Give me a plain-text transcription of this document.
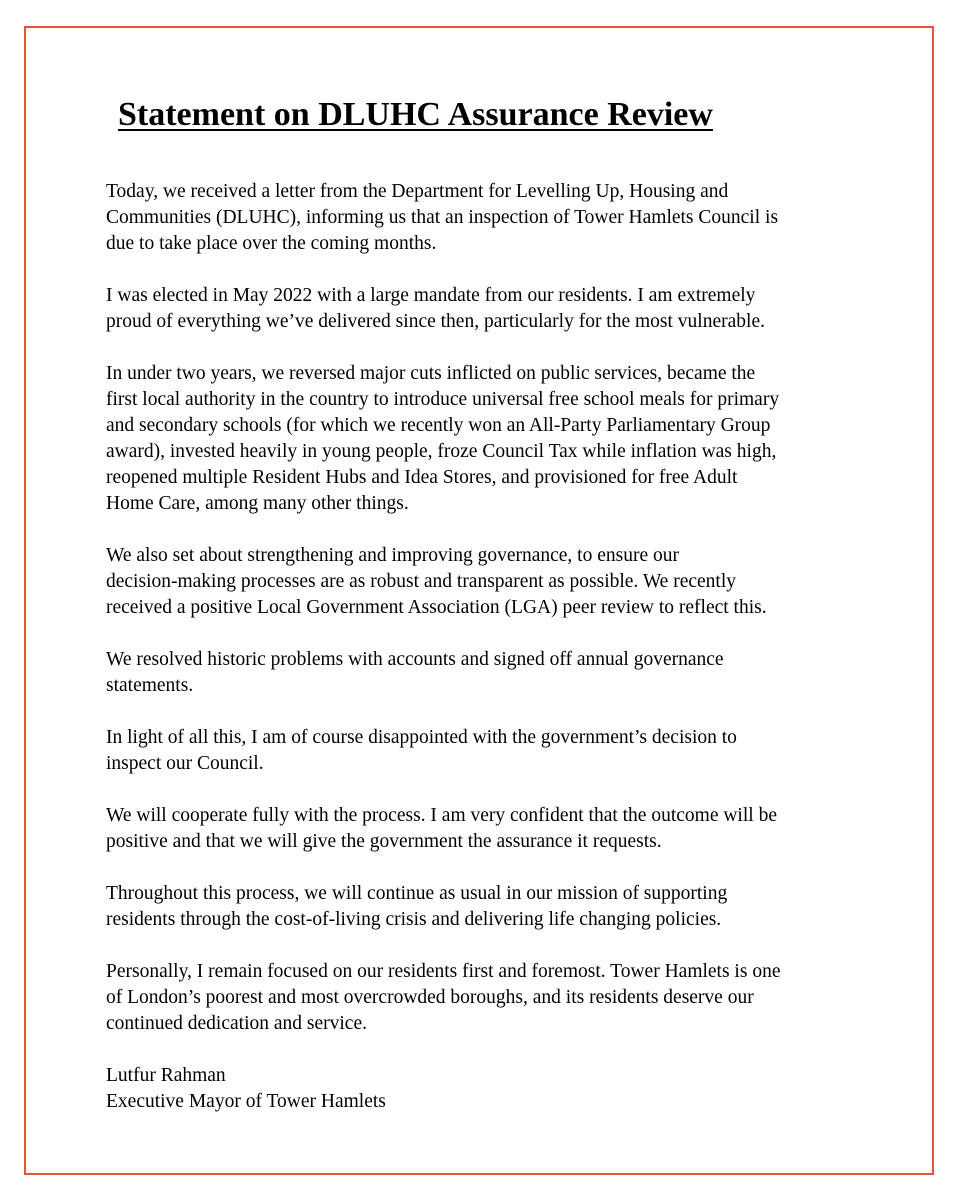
Statement on DLUHC Assurance Review

Today, we received a letter from the Department for Levelling Up, Housing and
Communities (DLUHC), informing us that an inspection of Tower Hamlets Council is
due to take place over the coming months.

I was elected in May 2022 with a large mandate from our residents. I am extremely
proud of everything we’ve delivered since then, particularly for the most vulnerable.

In under two years, we reversed major cuts inflicted on public services, became the
first local authority in the country to introduce universal free school meals for primary
and secondary schools (for which we recently won an All-Party Parliamentary Group
award), invested heavily in young people, froze Council Tax while inflation was high,
reopened multiple Resident Hubs and Idea Stores, and provisioned for free Adult
Home Care, among many other things.

We also set about strengthening and improving governance, to ensure our
decision-making processes are as robust and transparent as possible. We recently
received a positive Local Government Association (LGA) peer review to reflect this.

We resolved historic problems with accounts and signed off annual governance
statements.

In light of all this, I am of course disappointed with the government’s decision to
inspect our Council.

We will cooperate fully with the process. I am very confident that the outcome will be
positive and that we will give the government the assurance it requests.

Throughout this process, we will continue as usual in our mission of supporting
residents through the cost-of-living crisis and delivering life changing policies.

Personally, I remain focused on our residents first and foremost. Tower Hamlets is one
of London’s poorest and most overcrowded boroughs, and its residents deserve our
continued dedication and service.

Lutfur Rahman
Executive Mayor of Tower Hamlets
